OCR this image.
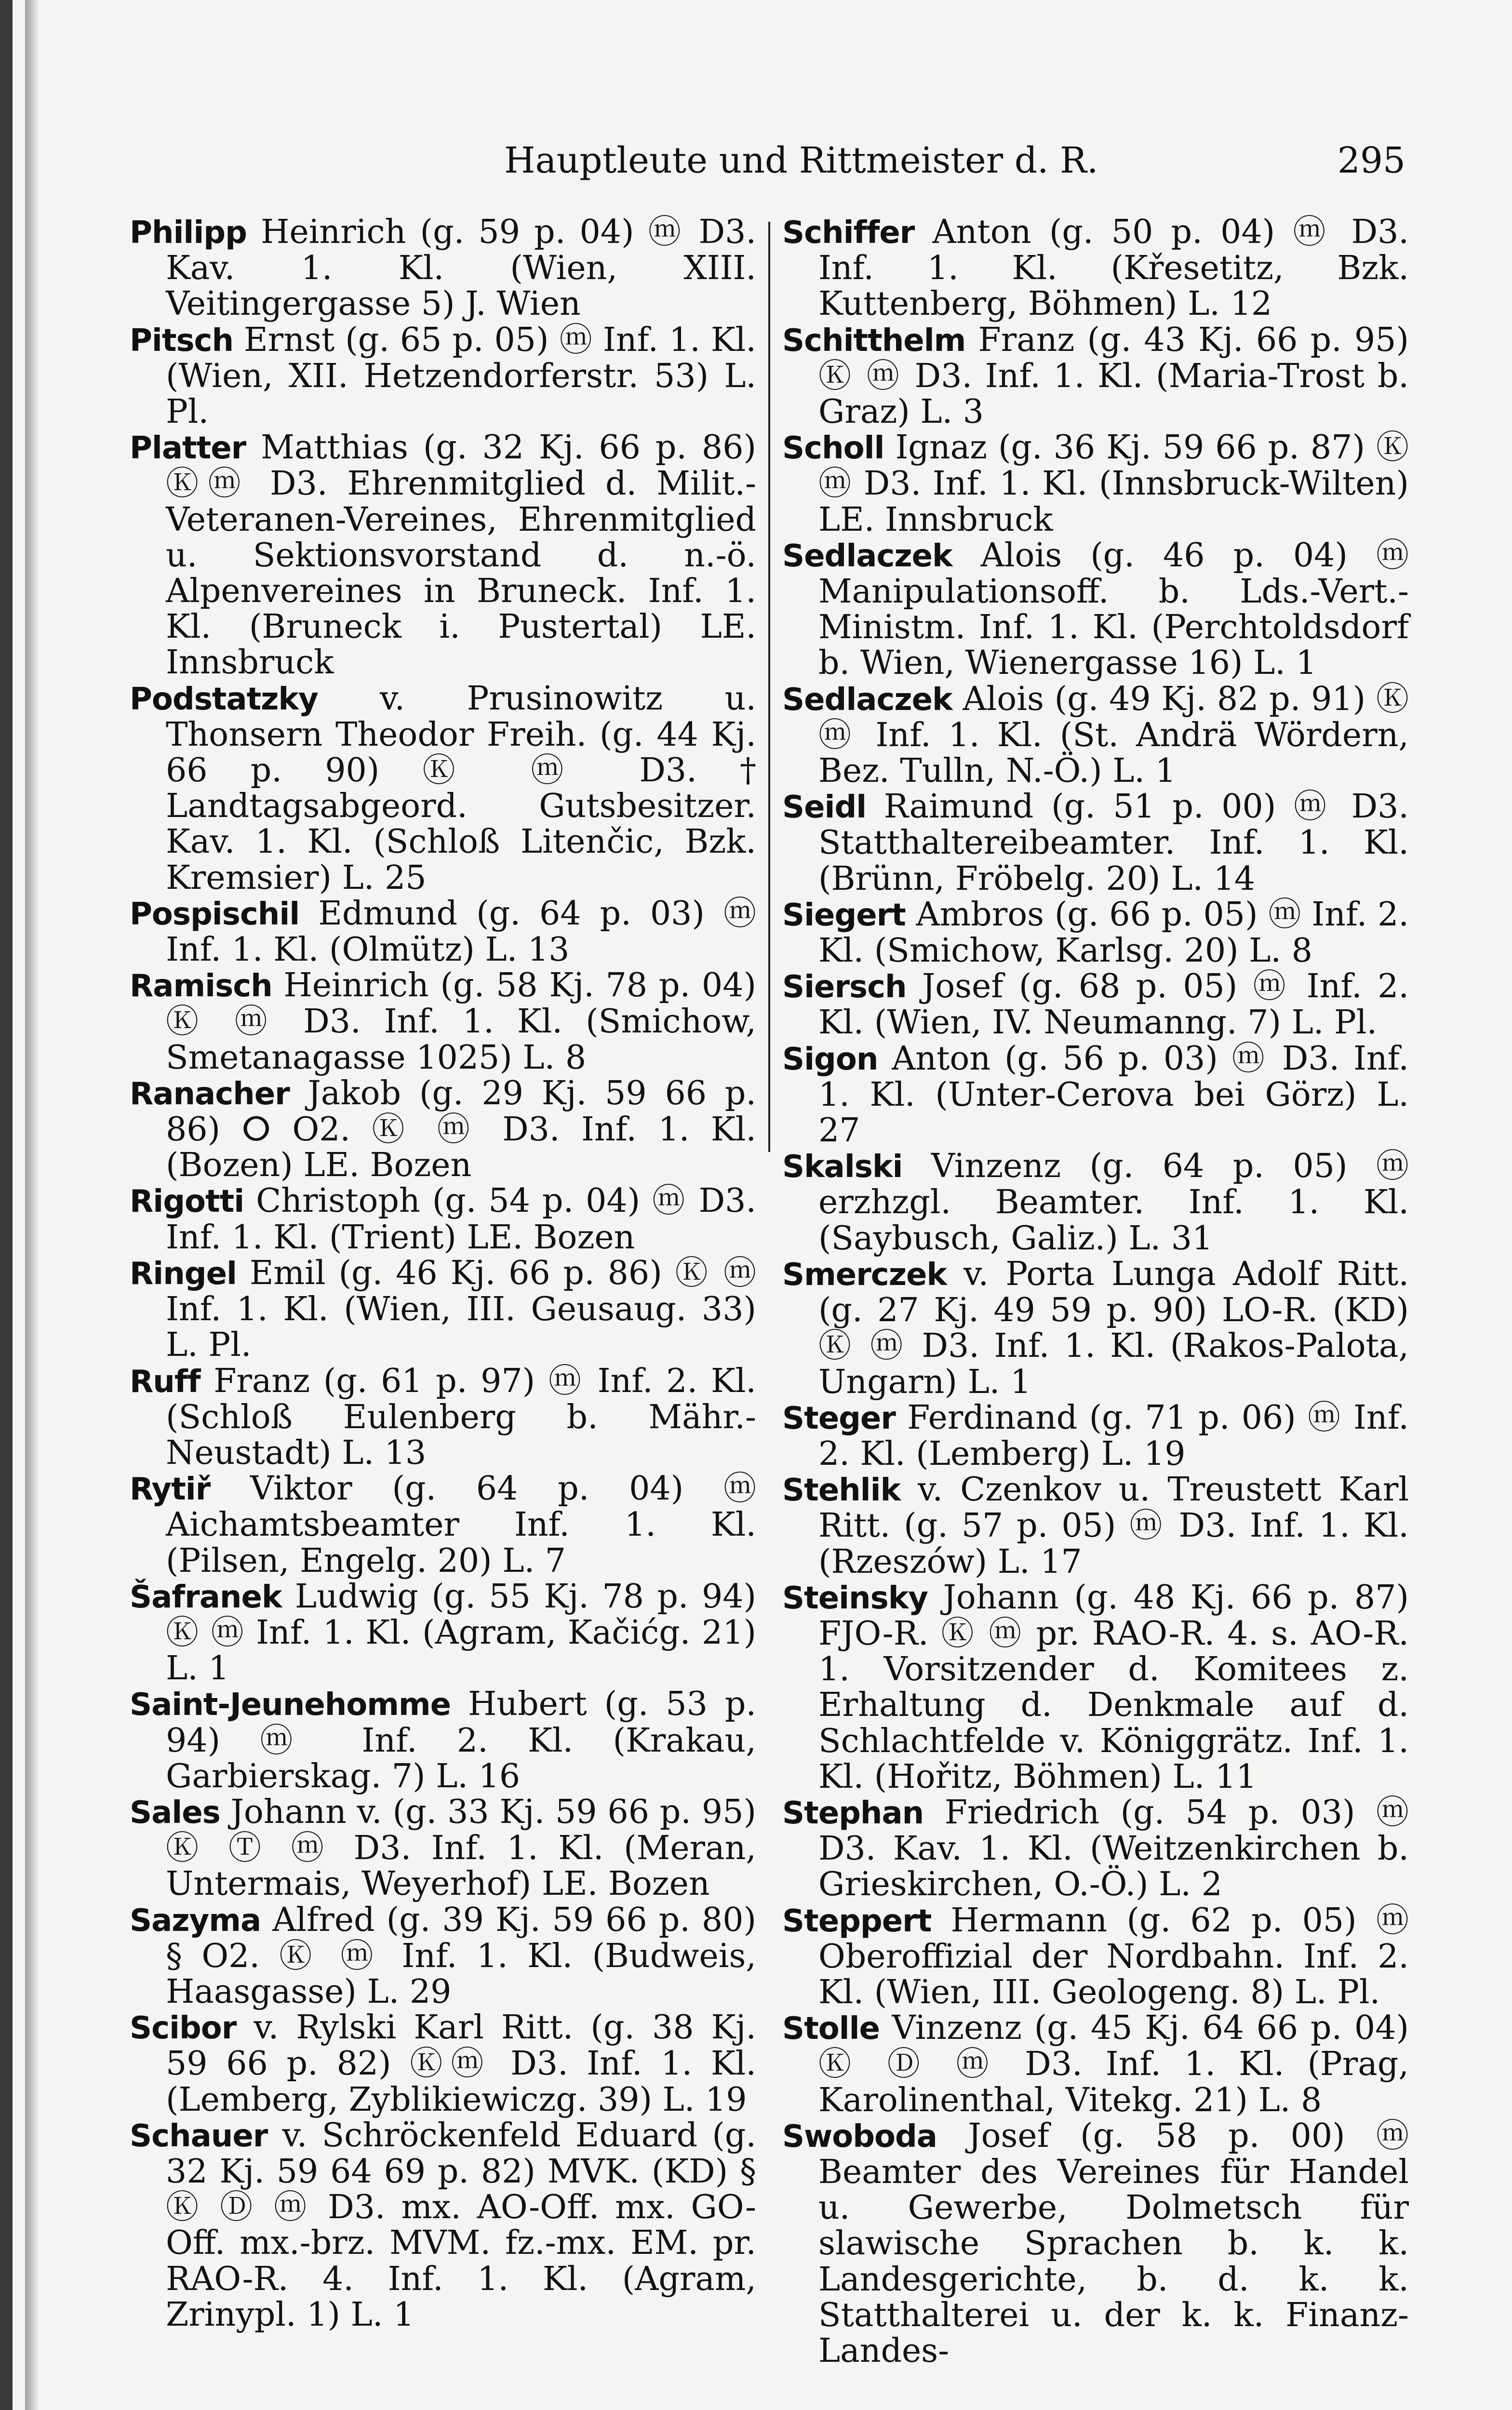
Hauptleute und Rittmeister d. R.	295

Philipp Heinrich (g. 59 p. 04) ⓜ D3. Kav. 1. Kl. (Wien, XIII. Veitingergasse 5) J. Wien

Pitsch Ernst (g. 65 p. 05) ⓜ Inf. 1. Kl. (Wien, XII. Hetzendorferstr. 53) L. Pl.

Platter Matthias (g. 32 Kj. 66 p. 86) Ⓚⓜ D3. Ehrenmitglied d. Milit.-Veteranen-Vereines, Ehrenmitglied u. Sektionsvorstand d. n.-ö. Alpenvereines in Bruneck. Inf. 1. Kl. (Bruneck i. Pustertal) LE. Innsbruck

Podstatzky v. Prusinowitz u. Thonsern Theodor Freih. (g. 44 Kj. 66 p. 90) Ⓚ ⓜ D3. † Landtagsabgeord. Gutsbesitzer. Kav. 1. Kl. (Schloß Litenčic, Bzk. Kremsier) L. 25

Pospischil Edmund (g. 64 p. 03) ⓜ Inf. 1. Kl. (Olmütz) L. 13

Ramisch Heinrich (g. 58 Kj. 78 p. 04) Ⓚ ⓜ D3. Inf. 1. Kl. (Smichow, Smetanagasse 1025) L. 8

Ranacher Jakob (g. 29 Kj. 59 66 p. 86) ⵔ O2. Ⓚ ⓜ D3. Inf. 1. Kl. (Bozen) LE. Bozen

Rigotti Christoph (g. 54 p. 04) ⓜ D3. Inf. 1. Kl. (Trient) LE. Bozen

Ringel Emil (g. 46 Kj. 66 p. 86) Ⓚ ⓜ Inf. 1. Kl. (Wien, III. Geusaug. 33) L. Pl.

Ruff Franz (g. 61 p. 97) ⓜ Inf. 2. Kl. (Schloß Eulenberg b. Mähr.-Neustadt) L. 13

Rytiř Viktor (g. 64 p. 04) ⓜ Aichamtsbeamter Inf. 1. Kl. (Pilsen, Engelg. 20) L. 7

Šafranek Ludwig (g. 55 Kj. 78 p. 94) Ⓚ ⓜ Inf. 1. Kl. (Agram, Kačićg. 21) L. 1

Saint-Jeunehomme Hubert (g. 53 p. 94) ⓜ Inf. 2. Kl. (Krakau, Garbierskag. 7) L. 16

Sales Johann v. (g. 33 Kj. 59 66 p. 95) Ⓚ Ⓣ ⓜ D3. Inf. 1. Kl. (Meran, Untermais, Weyerhof) LE. Bozen

Sazyma Alfred (g. 39 Kj. 59 66 p. 80) § O2. Ⓚ ⓜ Inf. 1. Kl. (Budweis, Haasgasse) L. 29

Scibor v. Rylski Karl Ritt. (g. 38 Kj. 59 66 p. 82) Ⓚⓜ D3. Inf. 1. Kl. (Lemberg, Zyblikiewiczg. 39) L. 19

Schauer v. Schröckenfeld Eduard (g. 32 Kj. 59 64 69 p. 82) MVK. (KD) § Ⓚ Ⓓ ⓜ D3. mx. AO-Off. mx. GO-Off. mx.-brz. MVM. fz.-mx. EM. pr. RAO-R. 4. Inf. 1. Kl. (Agram, Zrinypl. 1) L. 1

Schiffer Anton (g. 50 p. 04) ⓜ D3. Inf. 1. Kl. (Křesetitz, Bzk. Kuttenberg, Böhmen) L. 12

Schitthelm Franz (g. 43 Kj. 66 p. 95) Ⓚ ⓜ D3. Inf. 1. Kl. (Maria-Trost b. Graz) L. 3

Scholl Ignaz (g. 36 Kj. 59 66 p. 87) Ⓚ ⓜ D3. Inf. 1. Kl. (Innsbruck-Wilten) LE. Innsbruck

Sedlaczek Alois (g. 46 p. 04) ⓜ Manipulationsoff. b. Lds.-Vert.-Ministm. Inf. 1. Kl. (Perchtoldsdorf b. Wien, Wienergasse 16) L. 1

Sedlaczek Alois (g. 49 Kj. 82 p. 91) Ⓚ ⓜ Inf. 1. Kl. (St. Andrä Wördern, Bez. Tulln, N.-Ö.) L. 1

Seidl Raimund (g. 51 p. 00) ⓜ D3. Statthaltereibeamter. Inf. 1. Kl. (Brünn, Fröbelg. 20) L. 14

Siegert Ambros (g. 66 p. 05) ⓜ Inf. 2. Kl. (Smichow, Karlsg. 20) L. 8

Siersch Josef (g. 68 p. 05) ⓜ Inf. 2. Kl. (Wien, IV. Neumanng. 7) L. Pl.

Sigon Anton (g. 56 p. 03) ⓜ D3. Inf. 1. Kl. (Unter-Cerova bei Görz) L. 27

Skalski Vinzenz (g. 64 p. 05) ⓜ erzhzgl. Beamter. Inf. 1. Kl. (Saybusch, Galiz.) L. 31

Smerczek v. Porta Lunga Adolf Ritt. (g. 27 Kj. 49 59 p. 90) LO-R. (KD) Ⓚ ⓜ D3. Inf. 1. Kl. (Rakos-Palota, Ungarn) L. 1

Steger Ferdinand (g. 71 p. 06) ⓜ Inf. 2. Kl. (Lemberg) L. 19

Stehlik v. Czenkov u. Treustett Karl Ritt. (g. 57 p. 05) ⓜ D3. Inf. 1. Kl. (Rzeszów) L. 17

Steinsky Johann (g. 48 Kj. 66 p. 87) FJO-R. Ⓚ ⓜ pr. RAO-R. 4. s. AO-R. 1. Vorsitzender d. Komitees z. Erhaltung d. Denkmale auf d. Schlachtfelde v. Königgrätz. Inf. 1. Kl. (Hořitz, Böhmen) L. 11

Stephan Friedrich (g. 54 p. 03) ⓜ D3. Kav. 1. Kl. (Weitzenkirchen b. Grieskirchen, O.-Ö.) L. 2

Steppert Hermann (g. 62 p. 05) ⓜ Oberoffizial der Nordbahn. Inf. 2. Kl. (Wien, III. Geologeng. 8) L. Pl.

Stolle Vinzenz (g. 45 Kj. 64 66 p. 04) Ⓚ Ⓓ ⓜ D3. Inf. 1. Kl. (Prag, Karolinenthal, Vitekg. 21) L. 8

Swoboda Josef (g. 58 p. 00) ⓜ Beamter des Vereines für Handel u. Gewerbe, Dolmetsch für slawische Sprachen b. k. k. Landesgerichte, b. d. k. k. Statthalterei u. der k. k. Finanz-Landes-
